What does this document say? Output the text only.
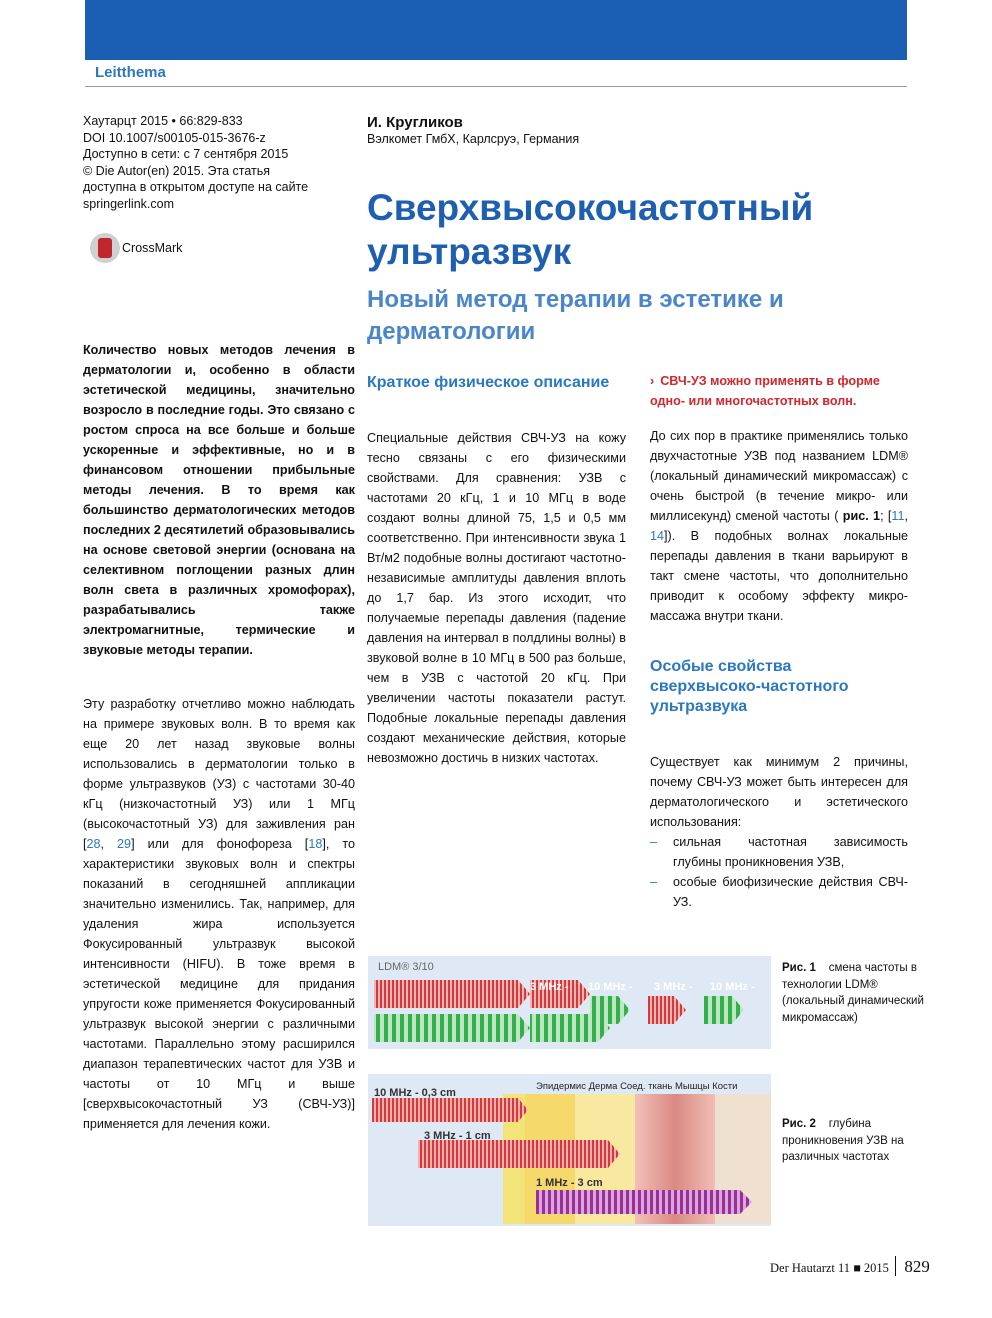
Leitthema
Хаутарцт 2015 • 66:829-833
DOI 10.1007/s00105-015-3676-z
Доступно в сети: с 7 сентября 2015
© Die Autor(en) 2015. Эта статья
доступна в открытом доступе на сайте
springerlink.com
CrossMark
И. Кругликов
Вэлкомет ГмбХ, Карлсруэ, Германия
Сверхвысокочастотный ультразвук
Новый метод терапии в эстетике и дерматологии
Количество новых методов лечения в дерматологии и, особенно в области эстетической медицины, значительно возросло в последние годы. Это связано с ростом спроса на все больше и больше ускоренные и эффективные, но и в финансовом отношении прибыльные методы лечения. В то время как большинство дерматологических методов последних 2 десятилетий образовывались на основе световой энергии (основана на селективном поглощении разных длин волн света в различных хромофорах), разрабатывались также электромагнитные, термические и звуковые методы терапии.
Эту разработку отчетливо можно наблюдать на примере звуковых волн. В то время как еще 20 лет назад звуковые волны использовались в дерматологии только в форме ультразвуков (УЗ) с частотами 30-40 кГц (низкочастотный УЗ) или 1 МГц (высокочастотный УЗ) для заживления ран [28, 29] или для фонофореза [18], то характеристики звуковых волн и спектры показаний в сегодняшней аппликации значительно изменились. Так, например, для удаления жира используется Фокусированный ультразвук высокой интенсивности (HIFU). В тоже время в эстетической медицине для придания упругости коже применяется Фокусированный ультразвук высокой энергии с различными частотами. Параллельно этому расширился диапазон терапевтических частот для УЗВ и частоты от 10 МГц и выше [сверхвысокочастотный УЗ (СВЧ-УЗ)] применяется для лечения кожи.
Краткое физическое описание
Специальные действия СВЧ-УЗ на кожу тесно связаны с его физическими свойствами. Для сравнения: УЗВ с частотами 20 кГц, 1 и 10 МГц в воде создают волны длиной 75, 1,5 и 0,5 мм соответственно. При интенсивности звука 1 Вт/м2 подобные волны достигают частотно-независимые амплитуды давления вплоть до 1,7 бар. Из этого исходит, что получаемые перепады давления (падение давления на интервал в полдлины волны) в звуковой волне в 10 МГц в 500 раз больше, чем в УЗВ с частотой 20 кГц. При увеличении частоты показатели растут. Подобные локальные перепады давления создают механические действия, которые невозможно достичь в низких частотах.
› СВЧ-УЗ можно применять в форме одно- или многочастотных волн.
До сих пор в практике применялись только двухчастотные УЗВ под названием LDM® (локальный динамический микромассаж) с очень быстрой (в течение микро- или миллисекунд) сменой частоты ( рис. 1; [11, 14]). В подобных волнах локальные перепады давления в ткани варьируют в такт смене частоты, что дополнительно приводит к особому эффекту микро-массажа внутри ткани.
Особые свойства сверхвысоко-частотного ультразвука
Существует как минимум 2 причины, почему СВЧ-УЗ может быть интересен для дерматологического и эстетического использования:
–	сильная частотная зависимость глубины проникновения УЗВ,
–	особые биофизические действия СВЧ-УЗ.
LDM® 3/10
3 MHz - 10 MHz - 3 MHz - 10 MHz -
Рис. 1 смена частоты в технологии LDM® (локальный динамический микромассаж)
Эпидермис Дерма Соед. ткань Мышцы Кости
10 MHz - 0,3 cm
3 MHz - 1 cm
1 MHz - 3 cm
Рис. 2 глубина проникновения УЗВ на различных частотах
Der Hautarzt 11 ■ 2015 829
